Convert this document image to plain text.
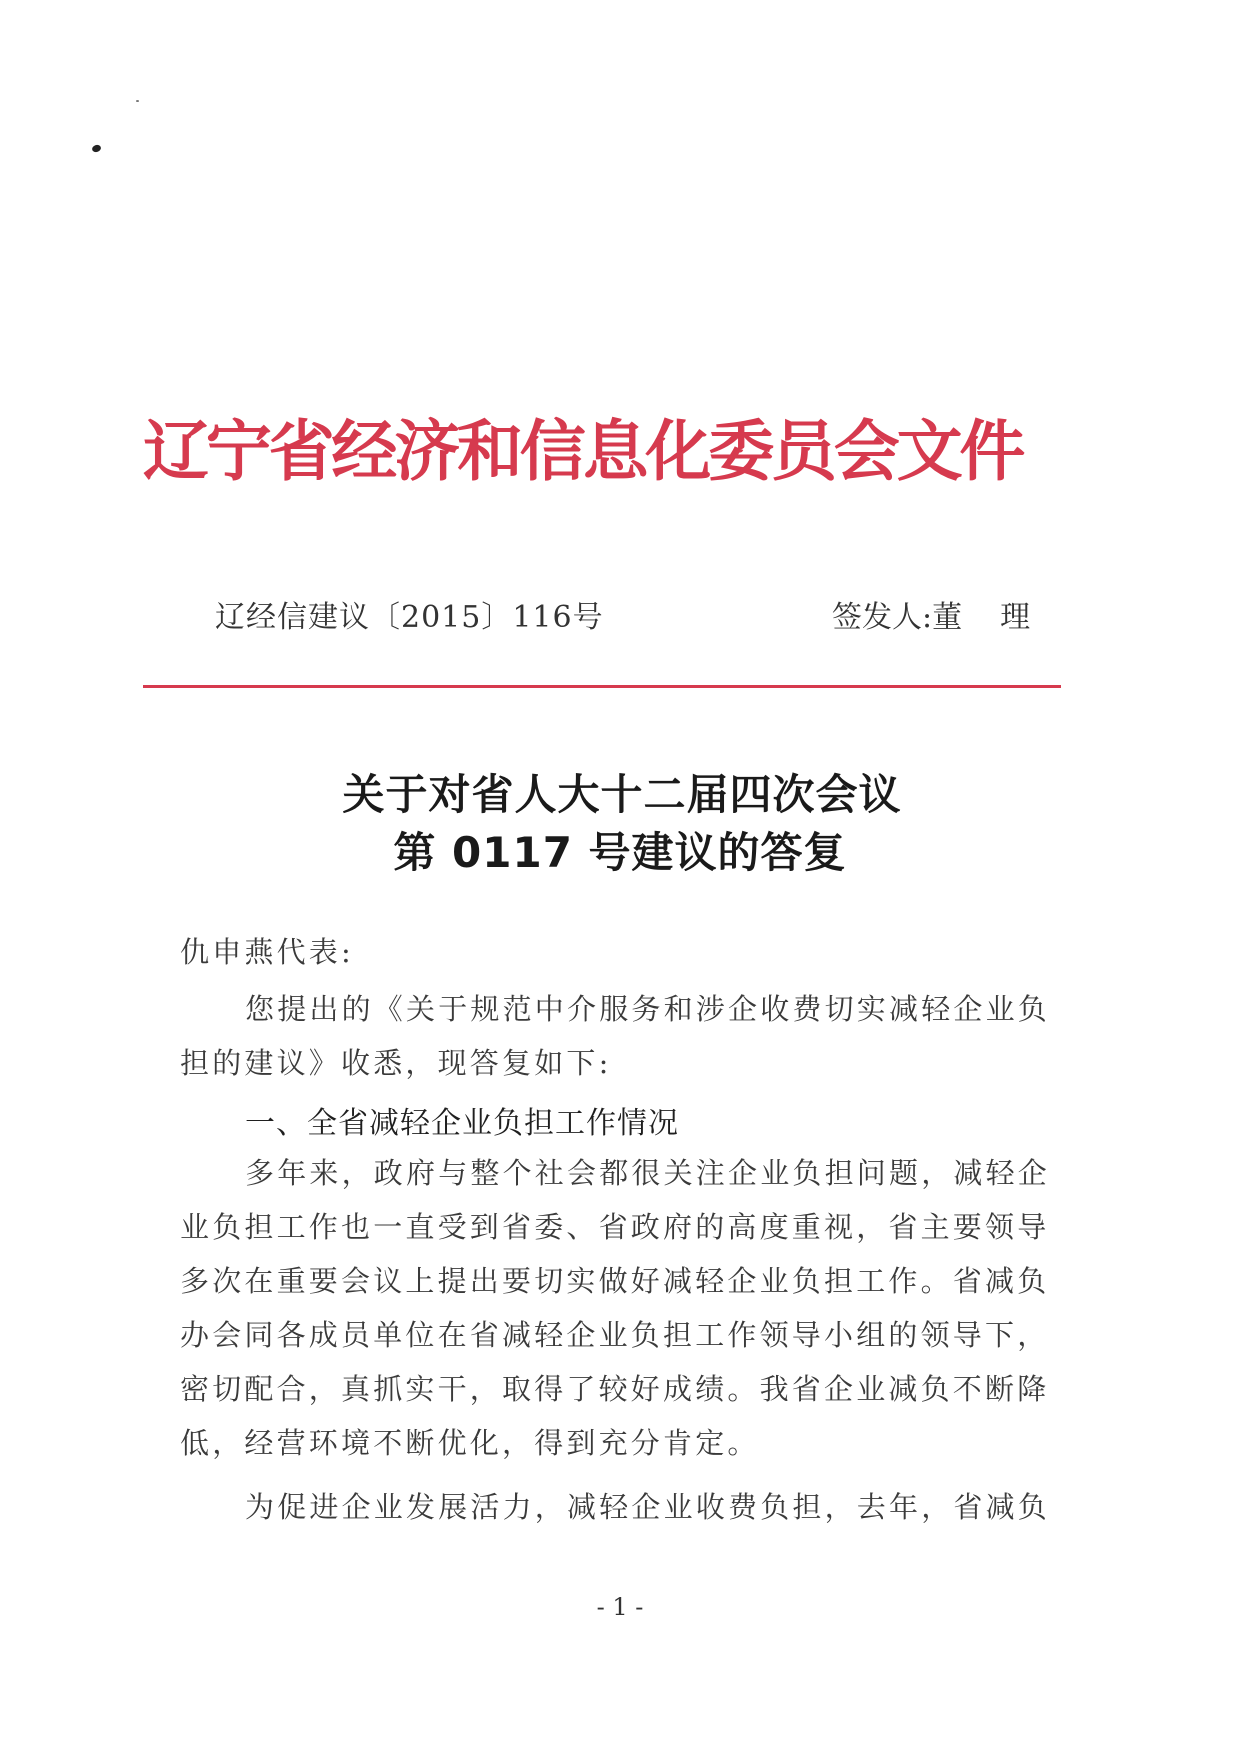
辽宁省经济和信息化委员会文件
辽经信建议〔2015〕116号	签发人:董 理
关于对省人大十二届四次会议
第 0117 号建议的答复
仇申燕代表:
您提出的《关于规范中介服务和涉企收费切实减轻企业负
担的建议》收悉，现答复如下:
一、全省减轻企业负担工作情况
多年来，政府与整个社会都很关注企业负担问题，减轻企
业负担工作也一直受到省委、省政府的高度重视，省主要领导
多次在重要会议上提出要切实做好减轻企业负担工作。省减负
办会同各成员单位在省减轻企业负担工作领导小组的领导下，
密切配合，真抓实干，取得了较好成绩。我省企业减负不断降
低，经营环境不断优化，得到充分肯定。
为促进企业发展活力，减轻企业收费负担，去年，省减负
- 1 -
